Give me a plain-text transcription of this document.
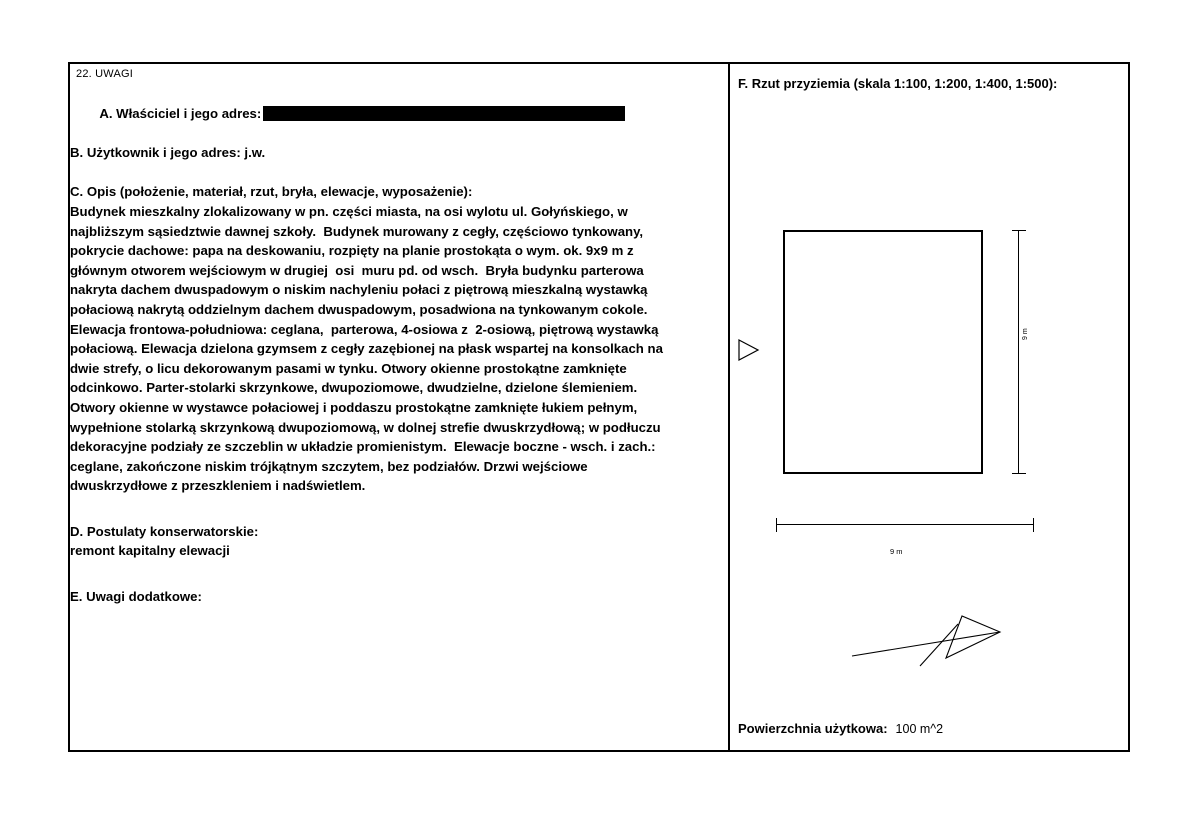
22. UWAGI

A. Właściciel i jego adres:

B. Użytkownik i jego adres: j.w.
C. Opis (położenie, materiał, rzut, bryła, elewacje, wyposażenie):
Budynek mieszkalny zlokalizowany w pn. części miasta, na osi wylotu ul. Gołyńskiego, w
najbliższym sąsiedztwie dawnej szkoły.  Budynek murowany z cegły, częściowo tynkowany,
pokrycie dachowe: papa na deskowaniu, rozpięty na planie prostokąta o wym. ok. 9x9 m z
głównym otworem wejściowym w drugiej  osi  muru pd. od wsch.  Bryła budynku parterowa
nakryta dachem dwuspadowym o niskim nachyleniu połaci z piętrową mieszkalną wystawką
połaciową nakrytą oddzielnym dachem dwuspadowym, posadwiona na tynkowanym cokole.
Elewacja frontowa-południowa: ceglana,  parterowa, 4-osiowa z  2-osiową, piętrową wystawką
połaciową. Elewacja dzielona gzymsem z cegły zazębionej na płask wspartej na konsolkach na
dwie strefy, o licu dekorowanym pasami w tynku. Otwory okienne prostokątne zamknięte
odcinkowo. Parter-stolarki skrzynkowe, dwupoziomowe, dwudzielne, dzielone ślemieniem.
Otwory okienne w wystawce połaciowej i poddaszu prostokątne zamknięte łukiem pełnym,
wypełnione stolarką skrzynkową dwupoziomową, w dolnej strefie dwuskrzydłową; w podłuczu
dekoracyjne podziały ze szczeblin w układzie promienistym.  Elewacje boczne - wsch. i zach.:
ceglane, zakończone niskim trójkątnym szczytem, bez podziałów. Drzwi wejściowe
dwuskrzydłowe z przeszkleniem i nadświetlem.
D. Postulaty konserwatorskie:
remont kapitalny elewacji
E. Uwagi dodatkowe:
F. Rzut przyziemia (skala 1:100, 1:200, 1:400, 1:500):
9 m
9 m
Powierzchnia użytkowa: 100 m^2
